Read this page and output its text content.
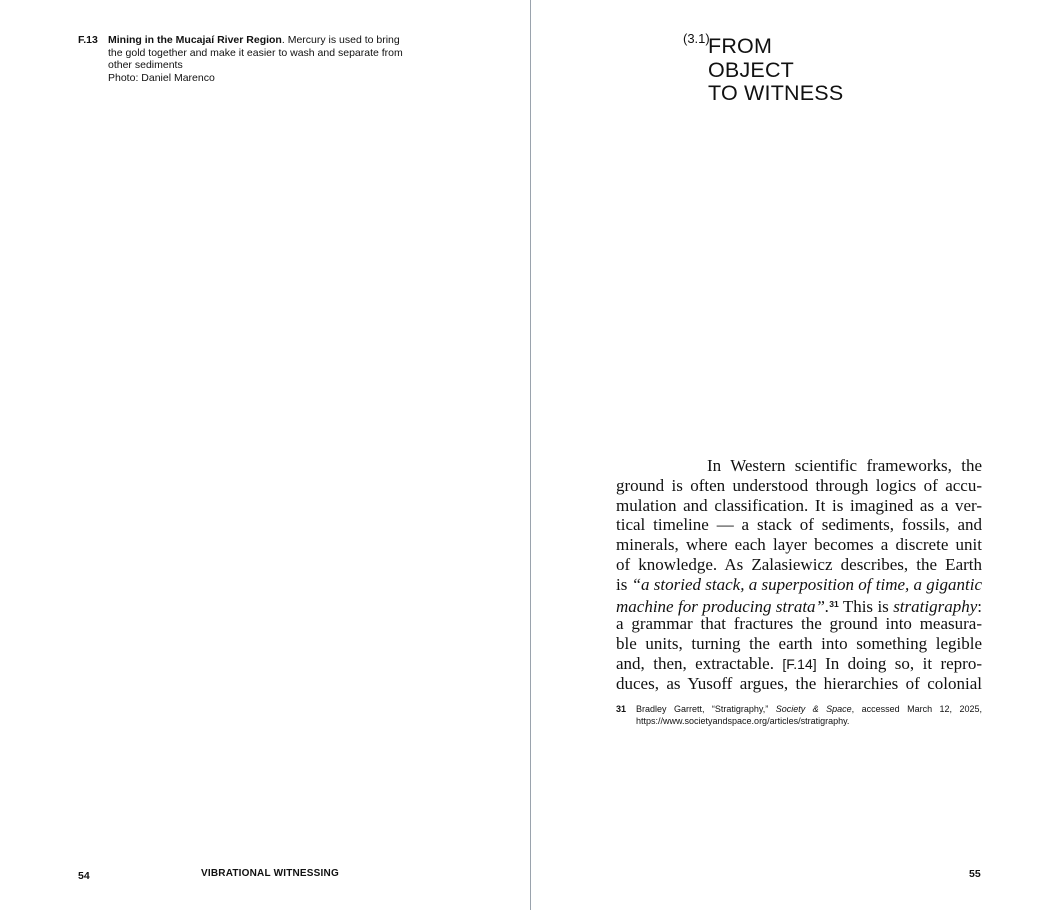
F.13 Mining in the Mucajaí River Region. Mercury is used to bring
the gold together and make it easier to wash and separate from
other sediments
Photo: Daniel Marenco
54	VIBRATIONAL WITNESSING
(3.1)
FROM
OBJECT
TO WITNESS
In Western scientific frameworks, the
ground is often understood through logics of accu-
mulation and classification. It is imagined as a ver-
tical timeline — a stack of sediments, fossils, and
minerals, where each layer becomes a discrete unit
of knowledge. As Zalasiewicz describes, the Earth
is “a storied stack, a superposition of time, a gigantic
machine for producing strata”.$^{31}$ This is stratigraphy:
a grammar that fractures the ground into measura-
ble units, turning the earth into something legible
and, then, extractable. [F.14] In doing so, it repro-
duces, as Yusoff argues, the hierarchies of colonial
31 Bradley Garrett, “Stratigraphy,” Society & Space, accessed March 12, 2025,
https://www.societyandspace.org/articles/stratigraphy.
55
